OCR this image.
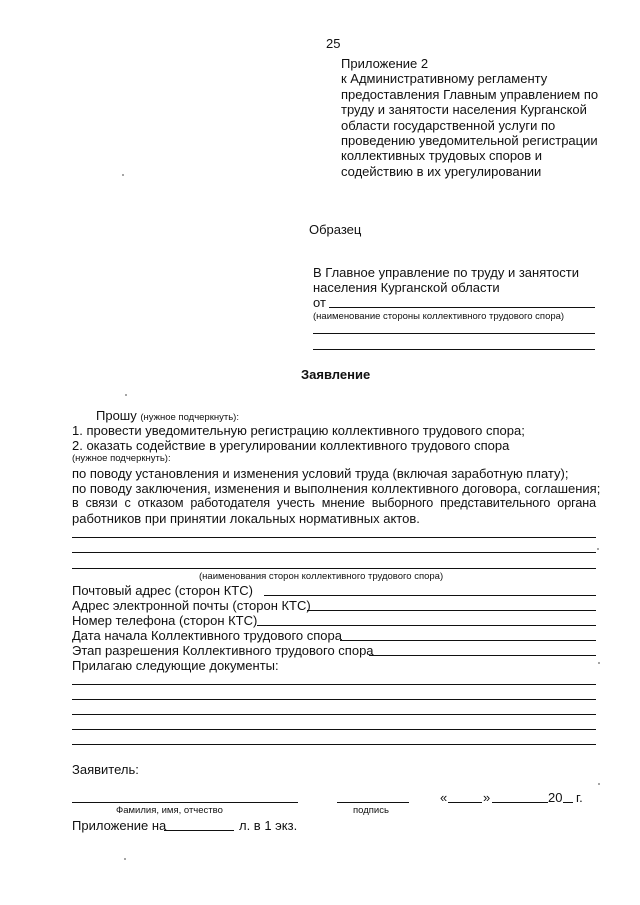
25
Приложение 2
к Административному регламенту
предоставления Главным управлением по
труду и занятости населения Курганской
области государственной услуги по
проведению уведомительной регистрации
коллективных трудовых споров и
содействию в их урегулировании
Образец
В Главное управление по труду и занятости
населения Курганской области
от
(наименование стороны коллективного трудового спора)
Заявление
Прошу (нужное подчеркнуть):
1. провести уведомительную регистрацию коллективного трудового спора;
2. оказать содействие в урегулировании коллективного трудового спора
(нужное подчеркнуть):
по поводу установления и изменения условий труда (включая заработную плату);
по поводу заключения, изменения и выполнения коллективного договора, соглашения;
в связи с отказом работодателя учесть мнение выборного представительного органа
работников при принятии локальных нормативных актов.
(наименования сторон коллективного трудового спора)
Почтовый адрес (сторон КТС)
Адрес электронной почты (сторон КТС)
Номер телефона (сторон КТС)
Дата начала Коллективного трудового спора
Этап разрешения Коллективного трудового спора
Прилагаю следующие документы:
Заявитель:
Фамилия, имя, отчество	подпись
«	»	20 г.
Приложение на	л. в 1 экз.
